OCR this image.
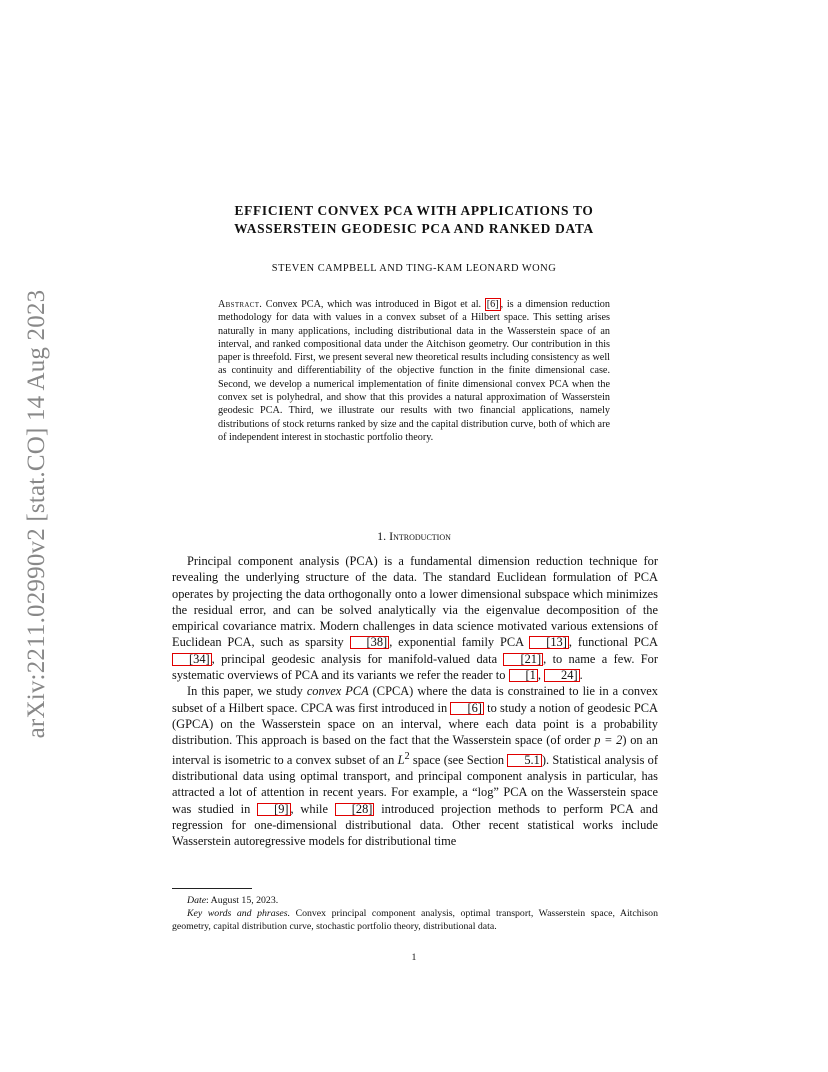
arXiv:2211.02990v2 [stat.CO] 14 Aug 2023
EFFICIENT CONVEX PCA WITH APPLICATIONS TO
WASSERSTEIN GEODESIC PCA AND RANKED DATA
STEVEN CAMPBELL AND TING-KAM LEONARD WONG
Abstract. Convex PCA, which was introduced in Bigot et al. [6] , is a dimension reduction methodology for data with values in a convex subset of a Hilbert space. This setting arises naturally in many applications, including distributional data in the Wasserstein space of an interval, and ranked compositional data under the Aitchison geometry. Our contribution in this paper is threefold. First, we present several new theoretical results including consistency as well as continuity and differentiability of the objective function in the finite dimensional case. Second, we develop a numerical implementation of finite dimensional convex PCA when the convex set is polyhedral, and show that this provides a natural approximation of Wasserstein geodesic PCA. Third, we illustrate our results with two financial applications, namely distributions of stock returns ranked by size and the capital distribution curve, both of which are of independent interest in stochastic portfolio theory.
1. Introduction

Principal component analysis (PCA) is a fundamental dimension reduction technique for revealing the underlying structure of the data. The standard Euclidean formulation of PCA operates by projecting the data orthogonally onto a lower dimensional subspace which minimizes the residual error, and can be solved analytically via the eigenvalue decomposition of the empirical covariance matrix. Modern challenges in data science motivated various extensions of Euclidean PCA, such as sparsity [38] , exponential family PCA [13] , functional PCA [34] , principal geodesic analysis for manifold-valued data [21] , to name a few. For systematic overviews of PCA and its variants we refer the reader to [1 , 24] .

In this paper, we study convex PCA (CPCA) where the data is constrained to lie in a convex subset of a Hilbert space. CPCA was first introduced in [6] to study a notion of geodesic PCA (GPCA) on the Wasserstein space on an interval, where each data point is a probability distribution. This approach is based on the fact that the Wasserstein space (of order p = 2) on an interval is isometric to a convex subset of an $L^2$ space (see Section 5.1 ). Statistical analysis of distributional data using optimal transport, and principal component analysis in particular, has attracted a lot of attention in recent years. For example, a “log” PCA on the Wasserstein space was studied in [9] , while [28] introduced projection methods to perform PCA and regression for one-dimensional distributional data. Other recent statistical works include Wasserstein autoregressive models for distributional time

Date: August 15, 2023.

Key words and phrases. Convex principal component analysis, optimal transport, Wasserstein space, Aitchison geometry, capital distribution curve, stochastic portfolio theory, distributional data.

1
